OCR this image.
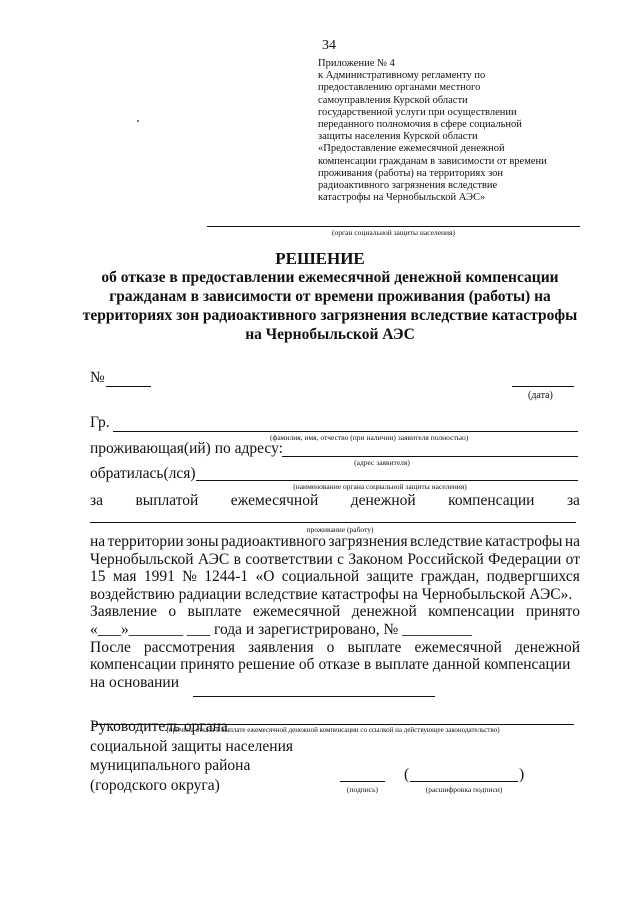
34
Приложение № 4
к Административному регламенту по
предоставлению органами местного
самоуправления Курской области
государственной услуги при осуществлении
переданного полномочия в сфере социальной
защиты населения Курской области
«Предоставление ежемесячной денежной
компенсации гражданам в зависимости от времени
проживания (работы) на территориях зон
радиоактивного загрязнения вследствие
катастрофы на Чернобыльской АЭС»
(орган социальной защиты населения)
РЕШЕНИЕ
об отказе в предоставлении ежемесячной денежной компенсации
гражданам в зависимости от времени проживания (работы) на
территориях зон радиоактивного загрязнения вследствие катастрофы
на Чернобыльской АЭС
№
(дата)
Гр.
(фамилия, имя, отчество (при наличии) заявителя полностью)
проживающая(ий) по адресу:
(адрес заявителя)
обратилась(лся)
(наименование органа социальной защиты населения)
за выплатой ежемесячной денежной компенсации за
проживание (работу)
на территории зоны радиоактивного загрязнения вследствие катастрофы на
Чернобыльской АЭС в соответствии с Законом Российской Федерации от
15 мая 1991 № 1244-1 «О социальной защите граждан, подвергшихся
воздействию радиации вследствие катастрофы на Чернобыльской АЭС».
Заявление о выплате ежемесячной денежной компенсации принято
«___»_______ ___ года и зарегистрировано, № _________
После рассмотрения заявления о выплате ежемесячной денежной
компенсации принято решение об отказе в выплате данной компенсации
на основании
(причина отказа в выплате ежемесячной денежной компенсации со ссылкой на действующее законодательство)
Руководитель органа
социальной защиты населения
муниципального района
(городского округа)	(подпись)
(	)
(расшифровка подписи)
